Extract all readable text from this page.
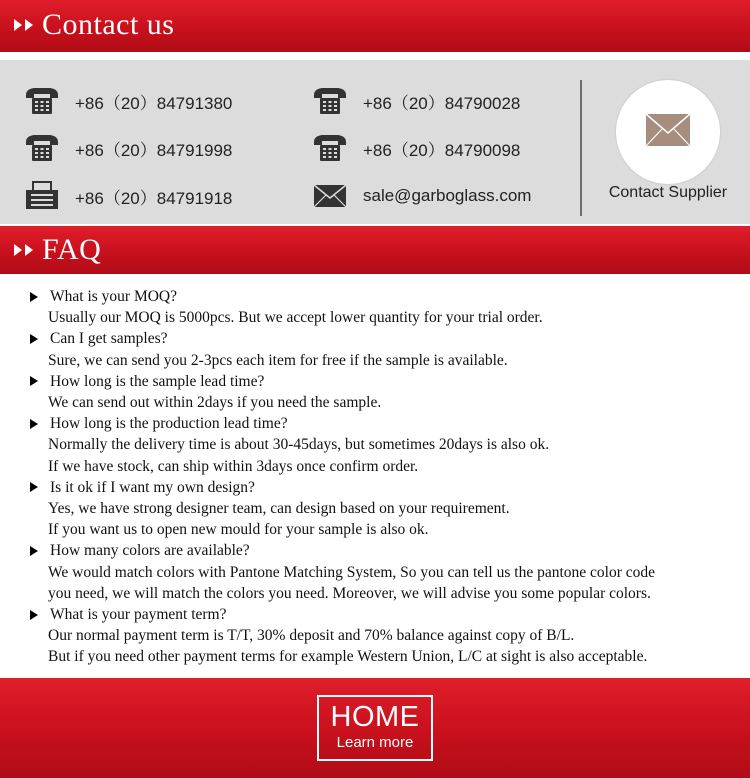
Contact us
+86（20）84791380	+86（20）84790028
+86（20）84791998	+86（20）84790098
+86（20）84791918	sale@garboglass.com	Contact Supplier
FAQ
What is your MOQ?
Usually our MOQ is 5000pcs. But we accept lower quantity for your trial order.
Can I get samples?
Sure, we can send you 2-3pcs each item for free if the sample is available.
How long is the sample lead time?
We can send out within 2days if you need the sample.
How long is the production lead time?
Normally the delivery time is about 30-45days, but sometimes 20days is also ok.
If we have stock, can ship within 3days once confirm order.
Is it ok if I want my own design?
Yes, we have strong designer team, can design based on your requirement.
If you want us to open new mould for your sample is also ok.
How many colors are available?
We would match colors with Pantone Matching System, So you can tell us the pantone color code
you need, we will match the colors you need. Moreover, we will advise you some popular colors.
What is your payment term?
Our normal payment term is T/T, 30% deposit and 70% balance against copy of B/L.
But if you need other payment terms for example Western Union, L/C at sight is also acceptable.
HOME
Learn more
